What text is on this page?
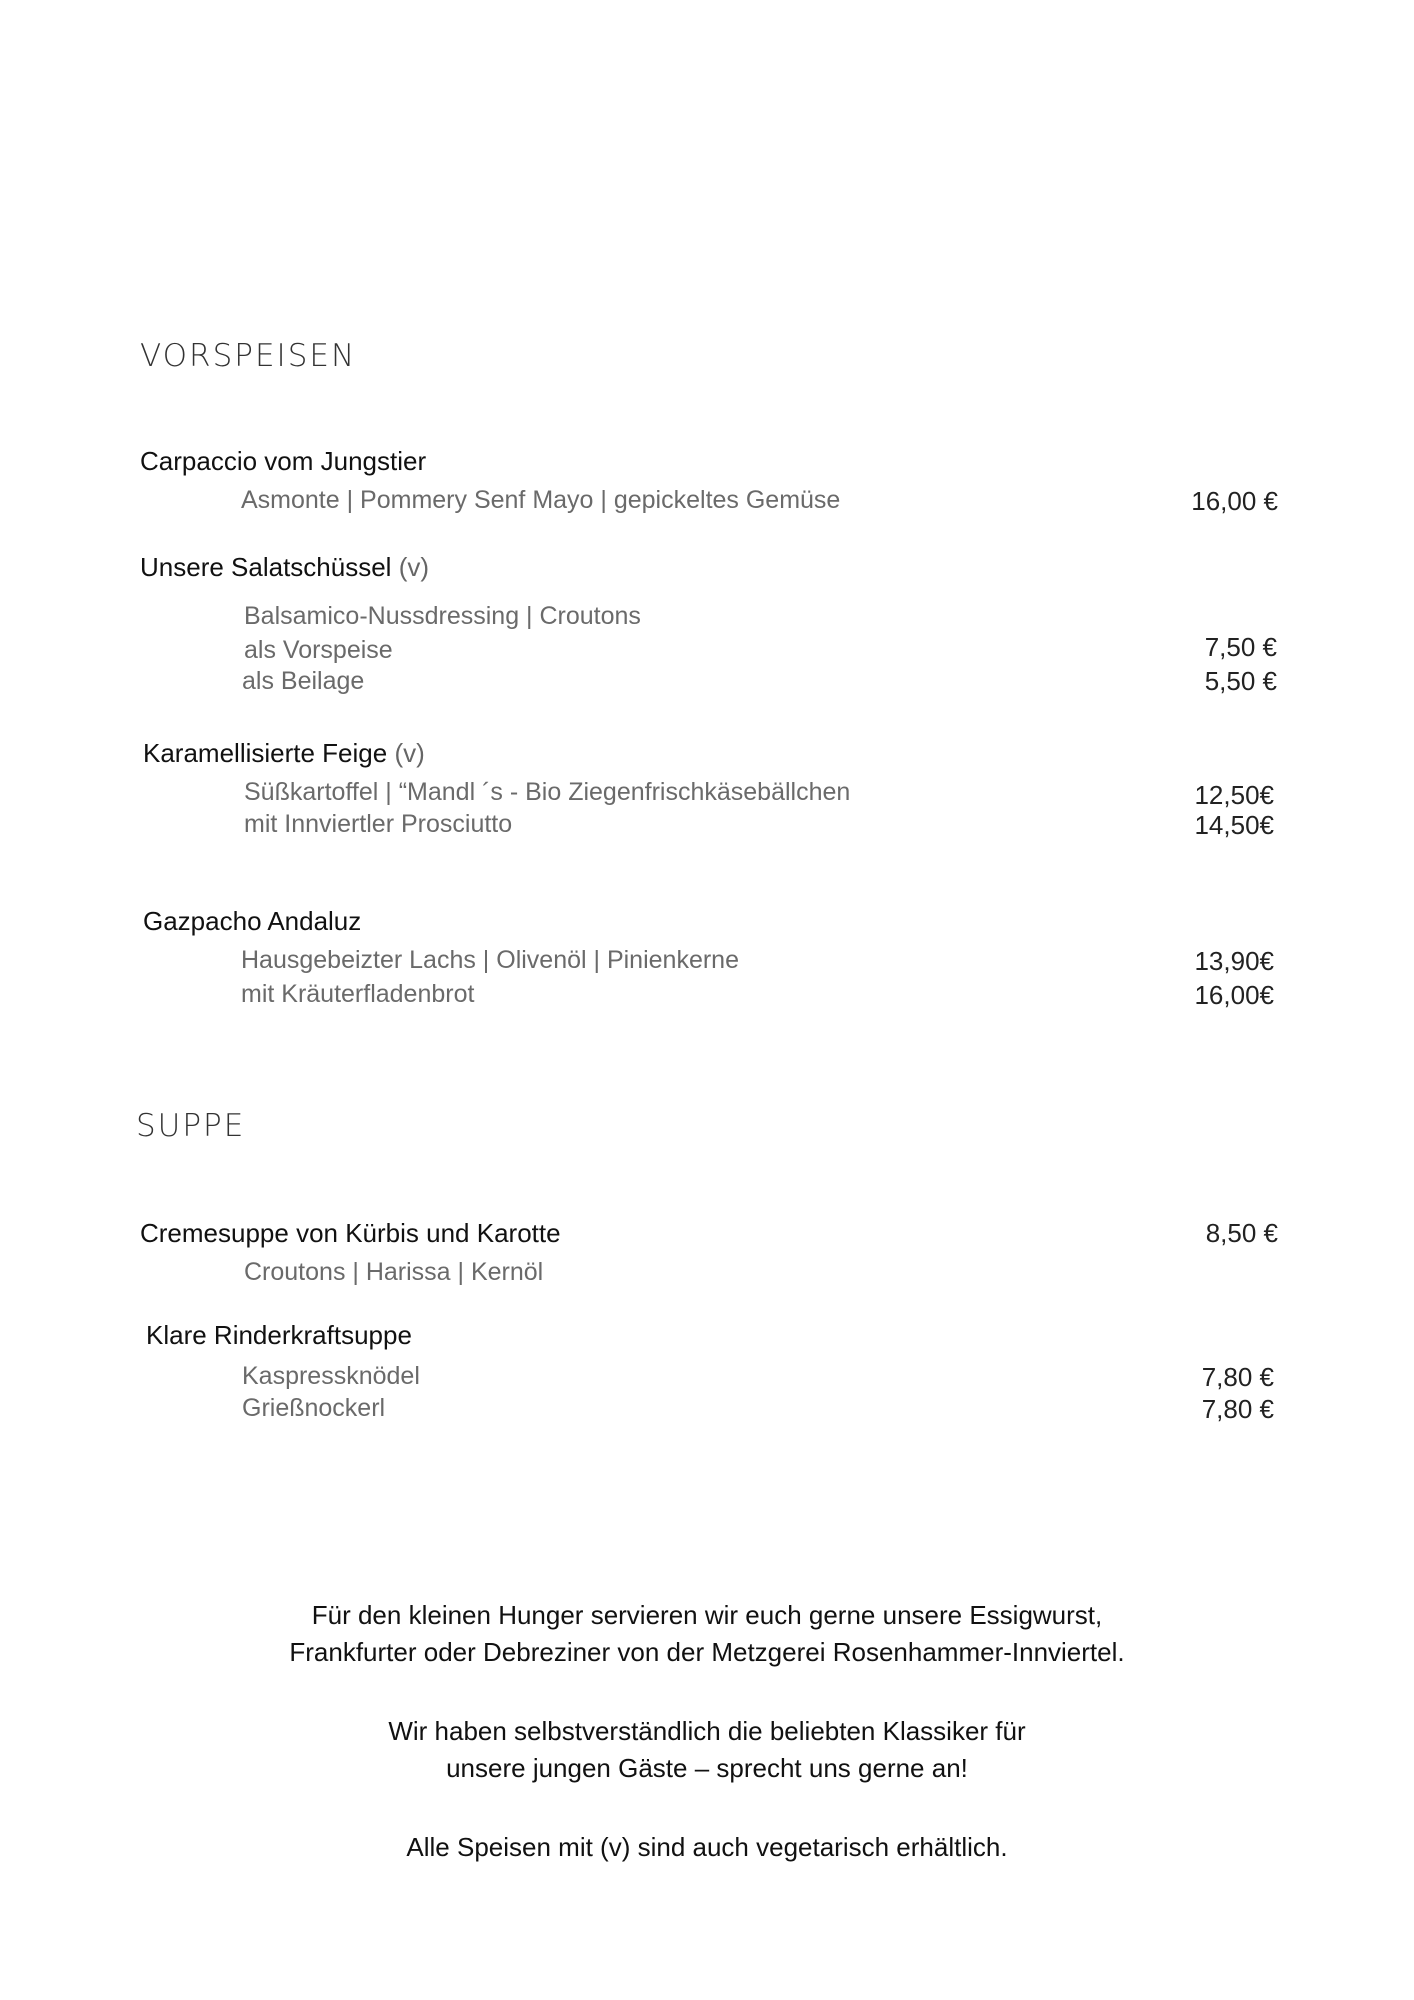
VORSPEISEN
Carpaccio vom Jungstier
Asmonte | Pommery Senf Mayo | gepickeltes Gemüse	16,00 €
Unsere Salatschüssel (v)
Balsamico-Nussdressing | Croutons
als Vorspeise
als Beilage
7,50 €
5,50 €
Karamellisierte Feige (v)
Süßkartoffel | “Mandl ´s - Bio Ziegenfrischkäsebällchen
mit Innviertler Prosciutto
12,50€
14,50€
Gazpacho Andaluz
Hausgebeizter Lachs | Olivenöl | Pinienkerne
mit Kräuterfladenbrot
13,90€
16,00€
SUPPE
Cremesuppe von Kürbis und Karotte	8,50 €
Croutons | Harissa | Kernöl
Klare Rinderkraftsuppe
Kaspressknödel
Grießnockerl
7,80 €
7,80 €
Für den kleinen Hunger servieren wir euch gerne unsere Essigwurst,
Frankfurter oder Debreziner von der Metzgerei Rosenhammer-Innviertel.
Wir haben selbstverständlich die beliebten Klassiker für
unsere jungen Gäste – sprecht uns gerne an!
Alle Speisen mit (v) sind auch vegetarisch erhältlich.
